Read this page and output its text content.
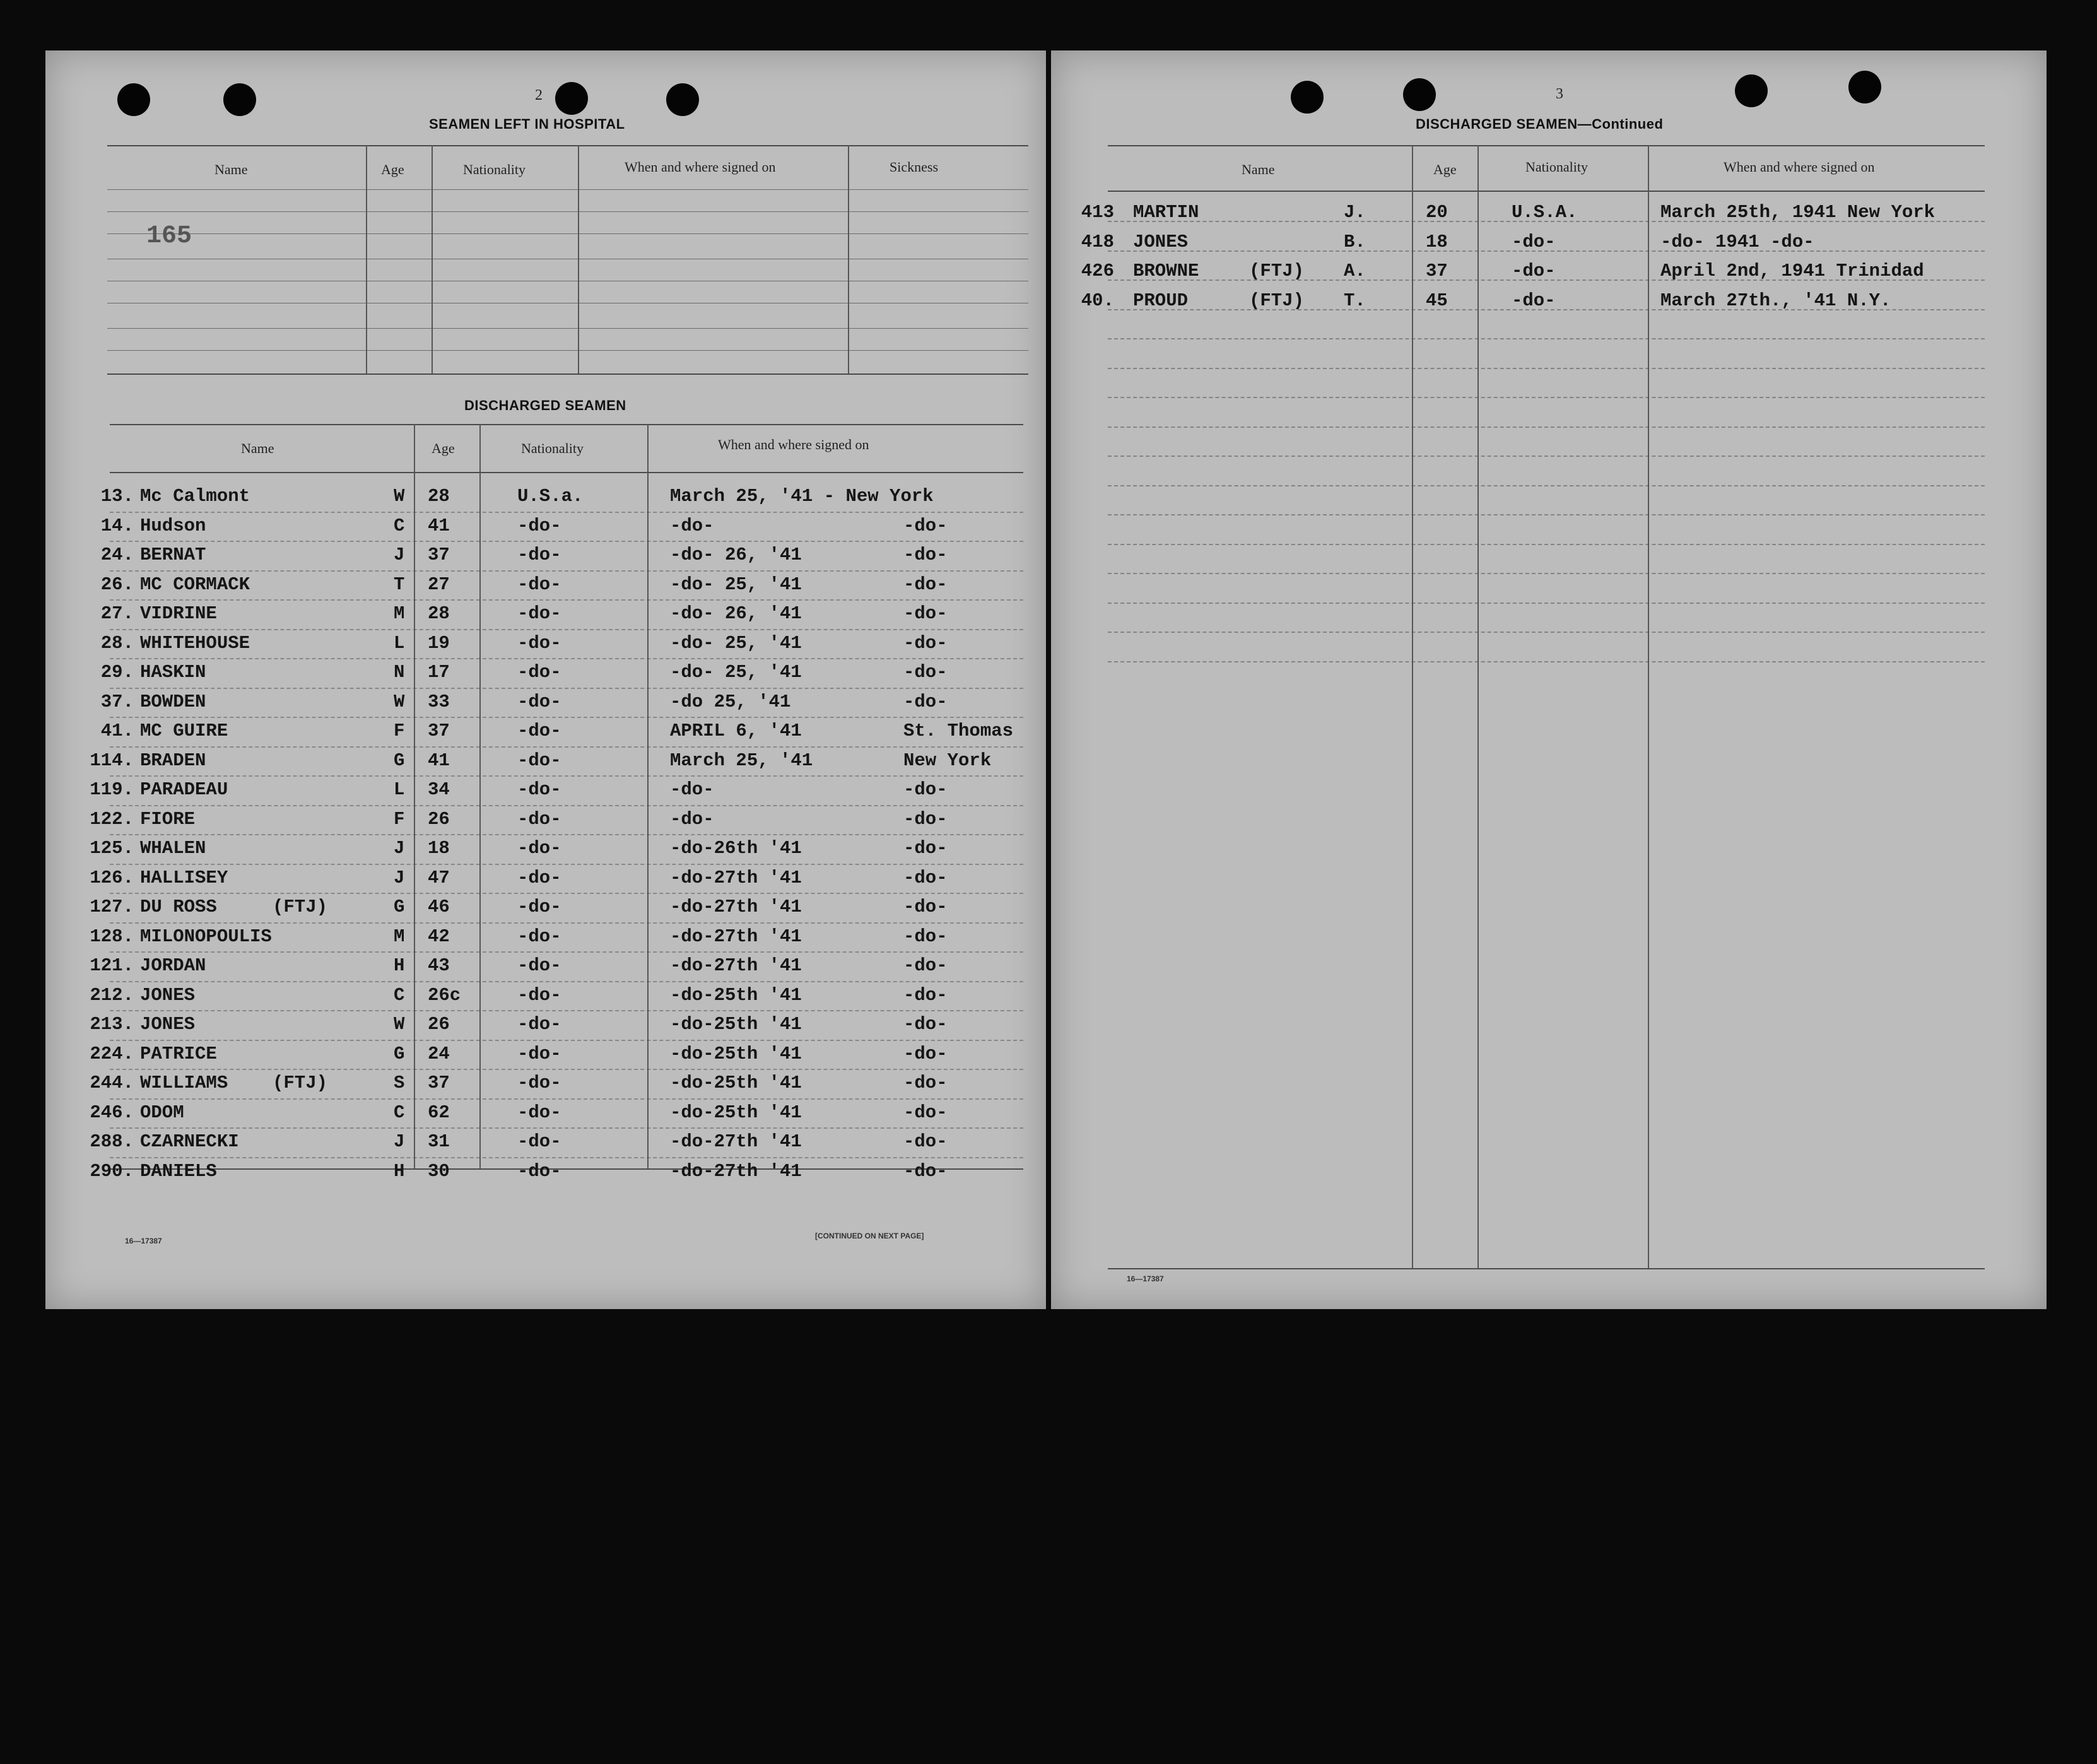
2
SEAMEN LEFT IN HOSPITAL
Name	Age	Nationality	When and where signed on	Sickness
165
DISCHARGED SEAMEN
Name	Age	Nationality	When and where signed on
13. Mc Calmont	W 28	U.S.a.	March 25, '41 - New York
14. Hudson	C 41	-do-	-do-	-do-
24. BERNAT	J 37	-do-	-do- 26, '41	-do-
26. MC CORMACK	T 27	-do-	-do- 25, '41	-do-
27. VIDRINE	M 28	-do-	-do- 26, '41	-do-
28. WHITEHOUSE	L 19	-do-	-do- 25, '41	-do-
29. HASKIN	N 17	-do-	-do- 25, '41	-do-
37. BOWDEN	W 33	-do-	-do 25, '41	-do-
41. MC GUIRE	F 37	-do-	APRIL 6, '41	St. Thomas
114. BRADEN	G 41	-do-	March 25, '41	New York
119. PARADEAU	L 34	-do-	-do-	-do-
122. FIORE	F 26	-do-	-do-	-do-
125. WHALEN	J 18	-do-	-do-26th '41	-do-
126. HALLISEY	J 47	-do-	-do-27th '41	-do-
127. DU ROSS	(FTJ)	G 46	-do-	-do-27th '41	-do-
128. MILONOPOULIS	M 42	-do-	-do-27th '41	-do-
121. JORDAN	H 43	-do-	-do-27th '41	-do-
212. JONES	C 26c	-do-	-do-25th '41	-do-
213. JONES	W 26	-do-	-do-25th '41	-do-
224. PATRICE	G 24	-do-	-do-25th '41	-do-
244. WILLIAMS (FTJ)	S 37	-do-	-do-25th '41	-do-
246. ODOM	C 62	-do-	-do-25th '41	-do-
288. CZARNECKI	J 31	-do-	-do-27th '41	-do-
290. DANIELS	H 30	-do-	-do-27th '41	-do-
16—17387
[CONTINUED ON NEXT PAGE]
3
DISCHARGED SEAMEN—Continued
Name	Age	Nationality	When and where signed on
413 MARTIN	J.	20	U.S.A.	March 25th, 1941 New York
418 JONES	B.	18	-do-	-do- 1941 -do-
426 BROWNE	(FTJ) A.	37	-do-	April 2nd, 1941 Trinidad
40. PROUD	(FTJ) T.	45	-do-	March 27th., '41 N.Y.
16—17387
